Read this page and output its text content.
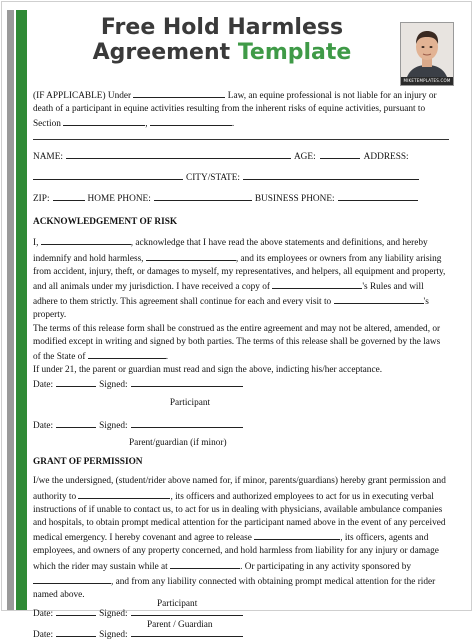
Free Hold Harmless
Agreement Template
MIKETEMPLATES.COM

(IF APPLICABLE) Under	Law, an equine professional is not liable for an injury or death of a participant in equine activities resulting from the inherent risks of equine activities, pursuant to Section	,	.

NAME:	AGE:	ADDRESS:
CITY/STATE:
ZIP:	HOME PHONE:	BUSINESS PHONE:
ACKNOWLEDGEMENT OF RISK

I,	, acknowledge that I have read the above statements and definitions, and hereby indemnify and hold harmless,	, and its employees or owners from any liability arising from accident, injury, theft, or damages to myself, my representatives, and helpers, all equipment and property, and all animals under my jurisdiction. I have received a copy of	's Rules and will adhere to them strictly. This agreement shall continue for each and every visit to	's property.

The terms of this release form shall be construed as the entire agreement and may not be altered, amended, or modified except in writing and signed by both parties. The terms of this release shall be governed by the laws of the State of	.

If under 21, the parent or guardian must read and sign the above, indicting his/her acceptance.

Date:	Signed:
Participant
Date:	Signed:
Parent/guardian (if minor)
GRANT OF PERMISSION

I/we the undersigned, (student/rider above named for, if minor, parents/guardians) hereby grant permission and authority to	, its officers and authorized employees to act for us in executing verbal instructions of if unable to contact us, to act for us in dealing with physicians, available ambulance companies and hospitals, to obtain prompt medical attention for the participant named above in the event of any perceived medical emergency. I hereby covenant and agree to release	, its officers, agents and employees, and owners of any property concerned, and hold harmless from liability for any injury or damage which the rider may sustain while at	. Or participating in any activity sponsored by , and from any liability connected with obtaining prompt medical attention for the rider named above.

Participant
Date:	Signed:
Parent / Guardian
Date:	Signed:
